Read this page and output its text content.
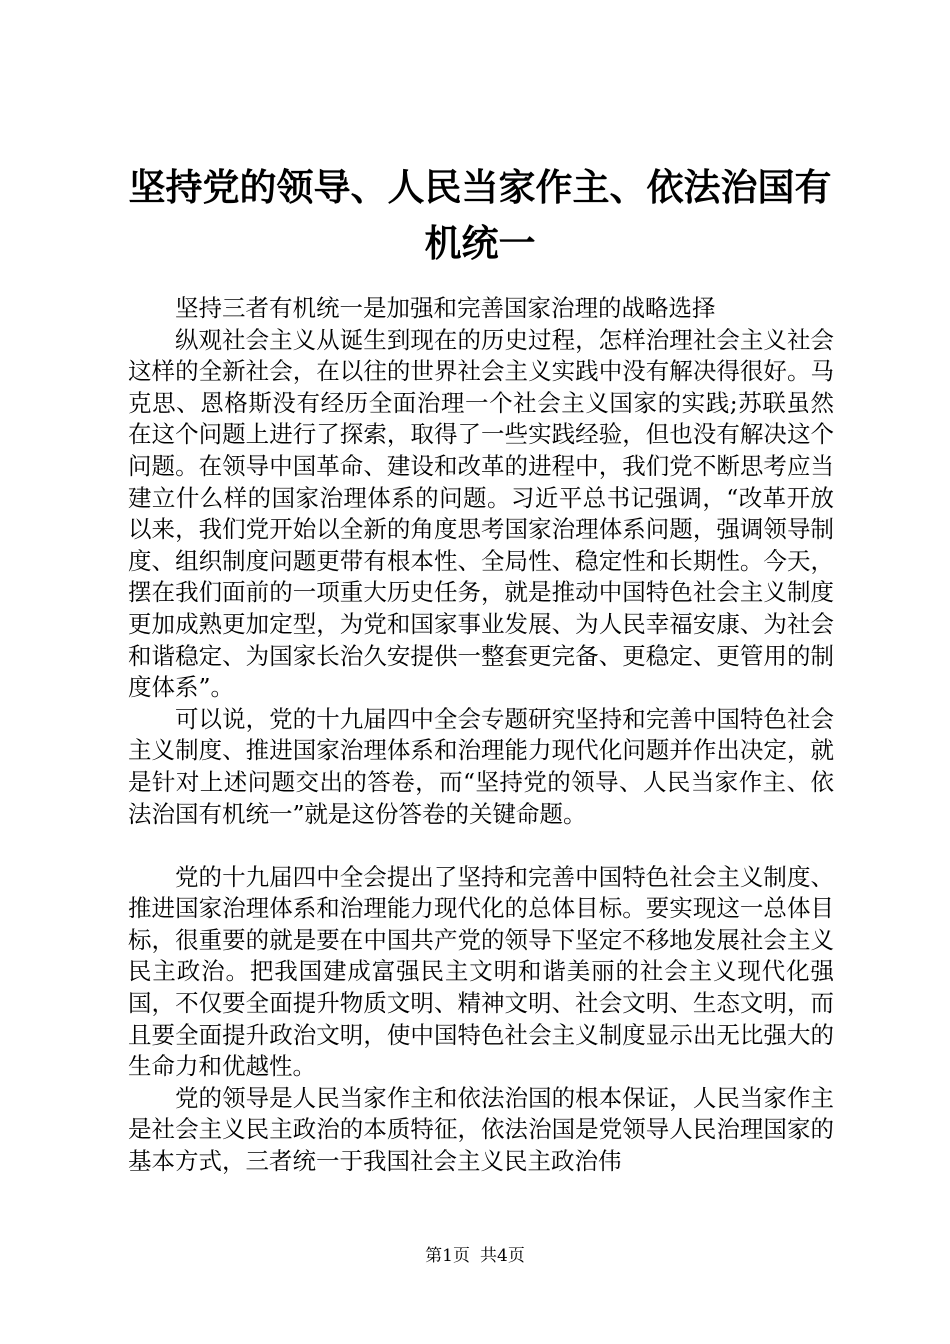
坚持党的领导、人民当家作主、依法治国有机统一

坚持三者有机统一是加强和完善国家治理的战略选择

纵观社会主义从诞生到现在的历史过程，怎样治理社会主义社会这样的全新社会，在以往的世界社会主义实践中没有解决得很好。马克思、恩格斯没有经历全面治理一个社会主义国家的实践;苏联虽然在这个问题上进行了探索，取得了一些实践经验，但也没有解决这个问题。在领导中国革命、建设和改革的进程中，我们党不断思考应当建立什么样的国家治理体系的问题。习近平总书记强调，“改革开放以来，我们党开始以全新的角度思考国家治理体系问题，强调领导制度、组织制度问题更带有根本性、全局性、稳定性和长期性。今天，摆在我们面前的一项重大历史任务，就是推动中国特色社会主义制度更加成熟更加定型，为党和国家事业发展、为人民幸福安康、为社会和谐稳定、为国家长治久安提供一整套更完备、更稳定、更管用的制度体系”。

可以说，党的十九届四中全会专题研究坚持和完善中国特色社会主义制度、推进国家治理体系和治理能力现代化问题并作出决定，就是针对上述问题交出的答卷，而“坚持党的领导、人民当家作主、依法治国有机统一”就是这份答卷的关键命题。

党的十九届四中全会提出了坚持和完善中国特色社会主义制度、推进国家治理体系和治理能力现代化的总体目标。要实现这一总体目标，很重要的就是要在中国共产党的领导下坚定不移地发展社会主义民主政治。把我国建成富强民主文明和谐美丽的社会主义现代化强国，不仅要全面提升物质文明、精神文明、社会文明、生态文明，而且要全面提升政治文明，使中国特色社会主义制度显示出无比强大的生命力和优越性。

党的领导是人民当家作主和依法治国的根本保证，人民当家作主是社会主义民主政治的本质特征，依法治国是党领导人民治理国家的基本方式，三者统一于我国社会主义民主政治伟

第1页 共4页
